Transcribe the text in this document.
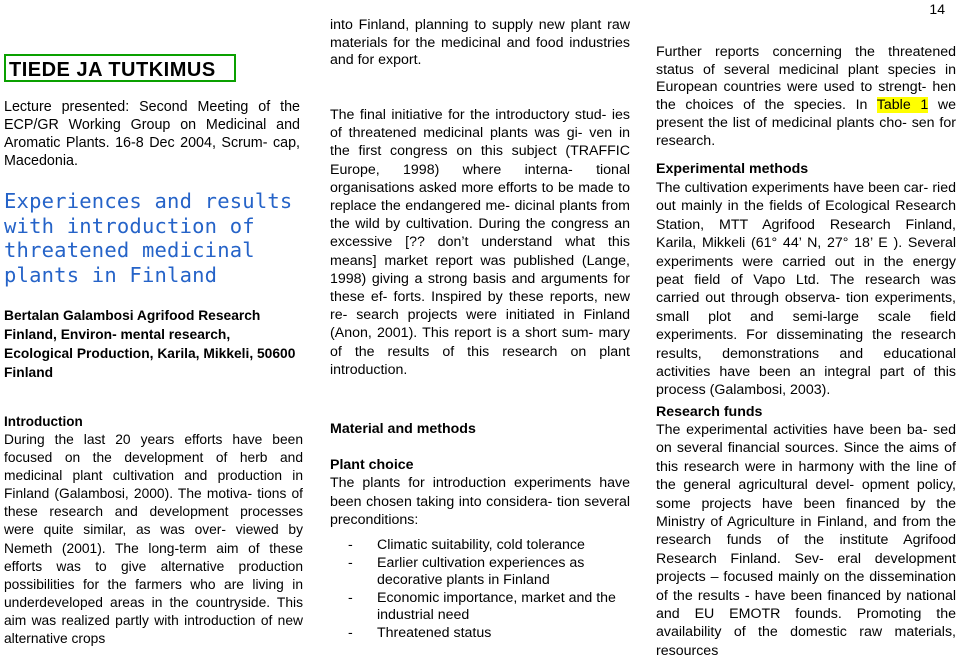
14
TIEDE JA TUTKIMUS

Lecture presented: Second Meeting of the ECP/GR Working Group on Medicinal and Aromatic Plants. 16-8 Dec 2004, Scrum- cap, Macedonia.

Experiences and results with introduction of threatened medicinal plants in Finland

Bertalan Galambosi Agrifood Research Finland, Environ- mental research, Ecological Production, Karila, Mikkeli, 50600 Finland

Introduction

During the last 20 years efforts have been focused on the development of herb and medicinal plant cultivation and production in Finland (Galambosi, 2000). The motiva- tions of these research and development processes were quite similar, as was over- viewed by Nemeth (2001). The long-term aim of these efforts was to give alternative production possibilities for the farmers who are living in underdeveloped areas in the countryside. This aim was realized partly with introduction of new alternative crops

into Finland, planning to supply new plant raw materials for the medicinal and food industries and for export.

The final initiative for the introductory stud- ies of threatened medicinal plants was gi- ven in the first congress on this subject (TRAFFIC Europe, 1998) where interna- tional organisations asked more efforts to be made to replace the endangered me- dicinal plants from the wild by cultivation. During the congress an excessive [?? don’t understand what this means] market report was published (Lange, 1998) giving a strong basis and arguments for these ef- forts. Inspired by these reports, new re- search projects were initiated in Finland (Anon, 2001). This report is a short sum- mary of the results of this research on plant introduction.

Material and methods
Plant choice

The plants for introduction experiments have been chosen taking into considera- tion several preconditions:

- Climatic suitability, cold tolerance
- Earlier cultivation experiences as decorative plants in Finland
- Economic importance, market and the industrial need
- Threatened status

Further reports concerning the threatened status of several medicinal plant species in European countries were used to strengt- hen the choices of the species. In Table 1 we present the list of medicinal plants cho- sen for research.

Experimental methods

The cultivation experiments have been car- ried out mainly in the fields of Ecological Research Station, MTT Agrifood Research Finland, Karila, Mikkeli (61° 44’ N, 27° 18’ E ). Several experiments were carried out in the energy peat field of Vapo Ltd. The research was carried out through observa- tion experiments, small plot and semi-large scale field experiments. For disseminating the research results, demonstrations and educational activities have been an integral part of this process (Galambosi, 2003).

Research funds

The experimental activities have been ba- sed on several financial sources. Since the aims of this research were in harmony with the line of the general agricultural devel- opment policy, some projects have been financed by the Ministry of Agriculture in Finland, and from the research funds of the institute Agrifood Research Finland. Sev- eral development projects – focused mainly on the dissemination of the results - have been financed by national and EU EMOTR founds. Promoting the availability of the domestic raw materials, resources
